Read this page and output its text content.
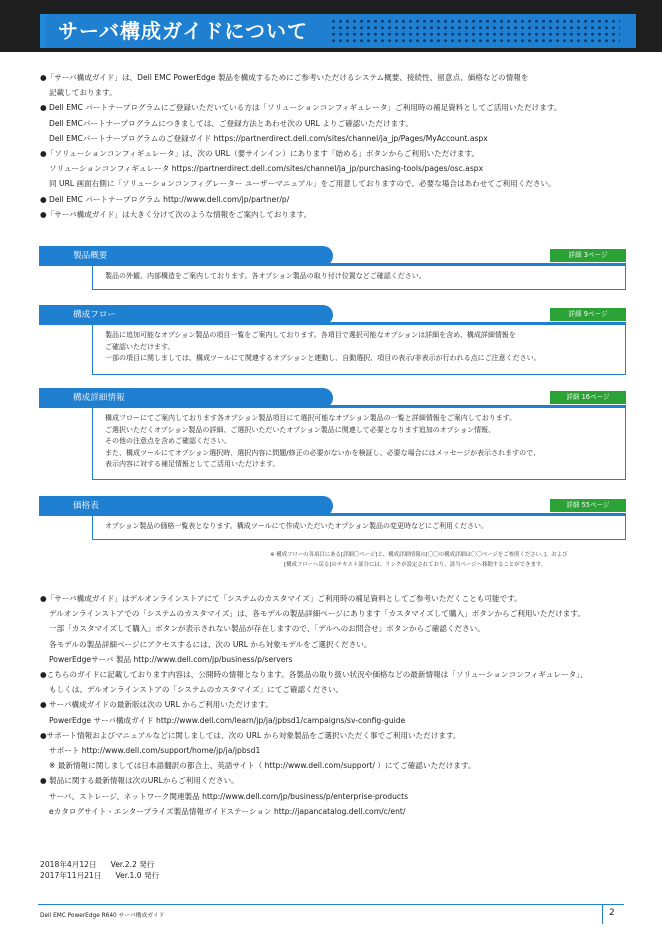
サーバ構成ガイドについて
●「サーバ構成ガイド」は、Dell EMC PowerEdge 製品を構成するためにご参考いただけるシステム概要、接続性、留意点、価格などの情報を
記載しております。
● Dell EMC パートナープログラムにご登録いただいている方は「ソリューションコンフィギュレータ」ご利用時の補足資料としてご活用いただけます。
Dell EMCパートナープログラムにつきましては、ご登録方法とあわせ次の URL よりご確認いただけます。
Dell EMCパートナープログラムのご登録ガイド https://partnerdirect.dell.com/sites/channel/ja_jp/Pages/MyAccount.aspx
●「ソリューションコンフィギュレータ」は、次の URL（要サインイン）にあります「始める」ボタンからご利用いただけます。
ソリューションコンフィギュレータ https://partnerdirect.dell.com/sites/channel/ja_jp/purchasing-tools/pages/osc.aspx
同 URL 画面右側に「ソリューションコンフィグレーター ユーザーマニュアル」をご用意しておりますので、必要な場合はあわせてご利用ください。
● Dell EMC パートナープログラム http://www.dell.com/jp/partner/p/
●「サーバ構成ガイド」は大きく分けて次のような情報をご案内しております。
製品概要	詳細 3ページ
製品の外観、内部構造をご案内しております。各オプション製品の取り付け位置などご確認ください。
構成フロー	詳細 9ページ
製品に追加可能なオプション製品の項目一覧をご案内しております。各項目で選択可能なオプションは詳細を含め、構成詳細情報を
ご確認いただけます。
一部の項目に関しましては、構成ツールにて関連するオプションと連動し、自動選択、項目の表示/非表示が行われる点にご注意ください。
構成詳細情報	詳細 16ページ
構成フローにてご案内しております各オプション製品項目にて選択可能なオプション製品の一覧と詳細情報をご案内しております。
ご選択いただくオプション製品の詳細、ご選択いただいたオプション製品に関連して必要となります追加のオプション情報、
その他の注意点を含めご確認ください。
また、構成ツールにてオプション選択時、選択内容に問題/修正の必要がないかを検証し、必要な場合にはメッセージが表示されますので、
表示内容に対する補足情報としてご活用いただけます。
価格表	詳細 55ページ
オプション製品の価格一覧表となります。構成ツールにて作成いただいたオプション製品の変更時などにご利用ください。
※ 構成フローの各項目にある[詳細〇ページ]と、構成詳細情報の[〇〇の構成詳細は〇〇ページをご参照ください。]、および
[構成フローへ戻る]のテキスト部分には、リンクが設定されており、該当ページへ移動することができます。
●「サーバ構成ガイド」はデルオンラインストアにて「システムのカスタマイズ」ご利用時の補足資料としてご参考いただくことも可能です。
デルオンラインストアでの「システムのカスタマイズ」は、各モデルの製品詳細ページにあります「カスタマイズして購入」ボタンからご利用いただけます。
一部「カスタマイズして購入」ボタンが表示されない製品が存在しますので、「デルへのお問合せ」ボタンからご確認ください。
各モデルの製品詳細ページにアクセスするには、次の URL から対象モデルをご選択ください。
PowerEdgeサーバ 製品 http://www.dell.com/jp/business/p/servers
●こちらのガイドに記載しております内容は、公開時の情報となります。各製品の取り扱い状況や価格などの最新情報は「ソリューションコンフィギュレータ」、
もしくは、デルオンラインストアの「システムのカスタマイズ」にてご確認ください。
● サーバ構成ガイドの最新版は次の URL からご利用いただけます。
PowerEdge サーバ構成ガイド http://www.dell.com/learn/jp/ja/jpbsd1/campaigns/sv-config-guide
●サポート情報およびマニュアルなどに関しましては、次の URL から対象製品をご選択いただく事でご利用いただけます。
サポート http://www.dell.com/support/home/jp/ja/jpbsd1
※ 最新情報に関しましては日本語翻訳の都合上、英語サイト（ http://www.dell.com/support/ ）にてご確認いただけます。
● 製品に関する最新情報は次のURLからご利用ください。
サーバ、ストレージ、ネットワーク関連製品 http://www.dell.com/jp/business/p/enterprise-products
eカタログサイト - エンタープライズ製品情報ガイドステーション http://japancatalog.dell.com/c/ent/
2018年4月12日 Ver.2.2 発行
2017年11月21日 Ver.1.0 発行
Dell EMC PowerEdge R640 サーバ構成ガイド	2
